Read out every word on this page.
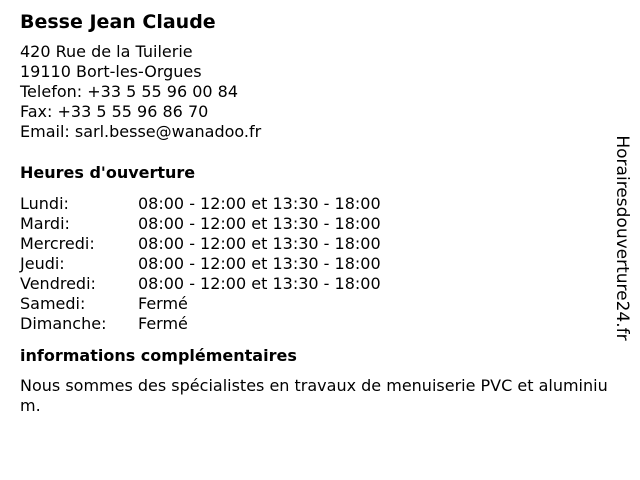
Besse Jean Claude
420 Rue de la Tuilerie
19110 Bort-les-Orgues
Telefon: +33 5 55 96 00 84
Fax: +33 5 55 96 86 70
Email: sarl.besse@wanadoo.fr
Heures d'ouverture
Lundi:	08:00 - 12:00 et 13:30 - 18:00
Mardi:	08:00 - 12:00 et 13:30 - 18:00
Mercredi:	08:00 - 12:00 et 13:30 - 18:00
Jeudi:	08:00 - 12:00 et 13:30 - 18:00
Vendredi:	08:00 - 12:00 et 13:30 - 18:00
Samedi:	Fermé
Dimanche:	Fermé
informations complémentaires
Nous sommes des spécialistes en travaux de menuiserie PVC et aluminium.
Horairesdouverture24.fr
